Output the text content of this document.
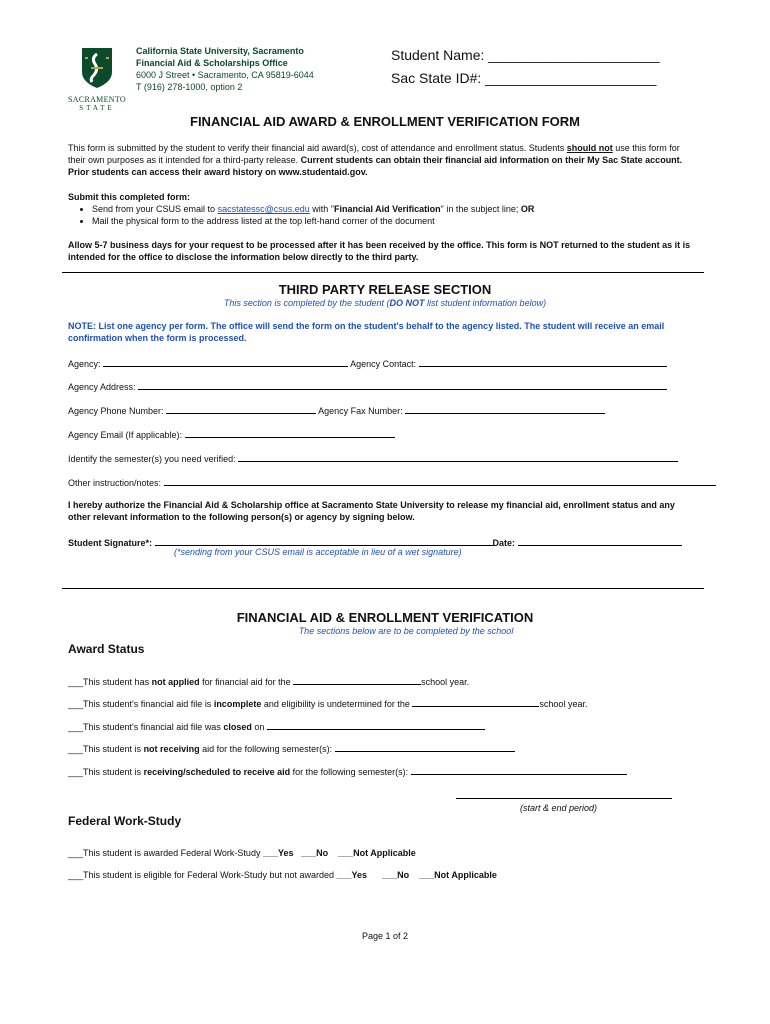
SACRAMENTO
STATE
California State University, Sacramento
Financial Aid & Scholarships Office
6000 J Street • Sacramento, CA 95819-6044
T (916) 278-1000, option 2
Student Name: ______________________
Sac State ID#: ______________________
FINANCIAL AID AWARD & ENROLLMENT VERIFICATION FORM
This form is submitted by the student to verify their financial aid award(s), cost of attendance and enrollment status. Students should not use this form for their own purposes as it intended for a third-party release. Current students can obtain their financial aid information on their My Sac State account. Prior students can access their award history on www.studentaid.gov.
Submit this completed form:
• Send from your CSUS email to sacstatessc@csus.edu with "Financial Aid Verification" in the subject line; OR
• Mail the physical form to the address listed at the top left-hand corner of the document
Allow 5-7 business days for your request to be processed after it has been received by the office. This form is NOT returned to the student as it is intended for the office to disclose the information below directly to the third party.
THIRD PARTY RELEASE SECTION
This section is completed by the student (DO NOT list student information below)
NOTE: List one agency per form. The office will send the form on the student's behalf to the agency listed. The student will receive an email confirmation when the form is processed.
Agency:	Agency Contact:
Agency Address:
Agency Phone Number:	Agency Fax Number:
Agency Email (If applicable):
Identify the semester(s) you need verified:
Other instruction/notes:
I hereby authorize the Financial Aid & Scholarship office at Sacramento State University to release my financial aid, enrollment status and any other relevant information to the following person(s) or agency by signing below.
Student Signature*:	Date:
(*sending from your CSUS email is acceptable in lieu of a wet signature)
FINANCIAL AID & ENROLLMENT VERIFICATION
The sections below are to be completed by the school
Award Status
___This student has not applied for financial aid for the	school year.
___This student's financial aid file is incomplete and eligibility is undetermined for the	school year.
___This student's financial aid file was closed on
___This student is not receiving aid for the following semester(s):
___This student is receiving/scheduled to receive aid for the following semester(s):
(start & end period)
Federal Work-Study
___This student is awarded Federal Work-Study ___Yes ___No ___Not Applicable
___This student is eligible for Federal Work-Study but not awarded ___Yes ___No ___Not Applicable
Page 1 of 2
